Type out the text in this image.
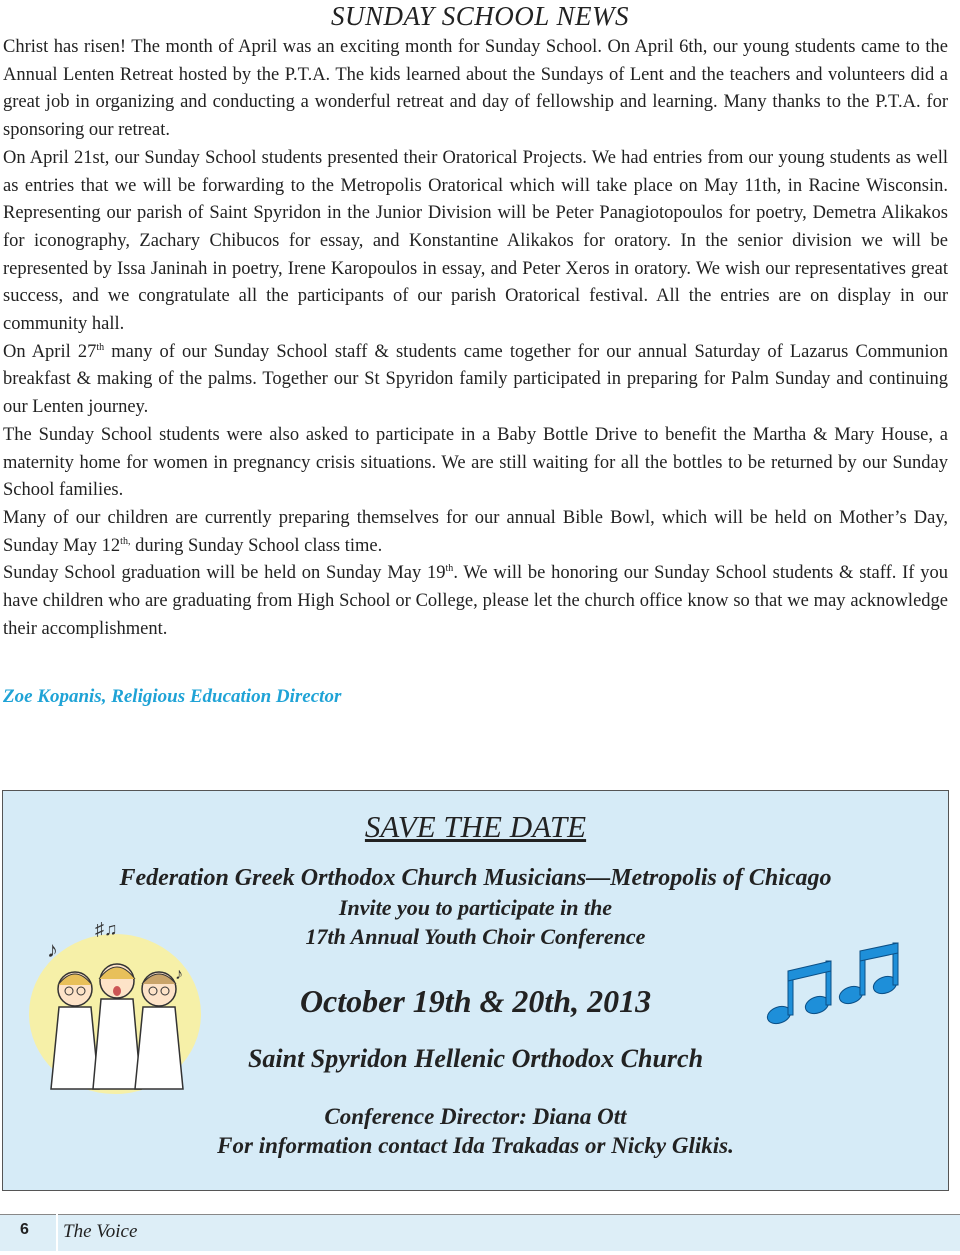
SUNDAY SCHOOL NEWS

Christ has risen! The month of April was an exciting month for Sunday School. On April 6th, our young students came to the Annual Lenten Retreat hosted by the P.T.A. The kids learned about the Sundays of Lent and the teachers and volunteers did a great job in organizing and conducting a wonderful retreat and day of fellowship and learning. Many thanks to the P.T.A. for sponsoring our retreat.

On April 21st, our Sunday School students presented their Oratorical Projects. We had entries from our young students as well as entries that we will be forwarding to the Metropolis Oratorical which will take place on May 11th, in Racine Wisconsin. Representing our parish of Saint Spyridon in the Junior Division will be Peter Panagiotopoulos for poetry, Demetra Alikakos for iconography, Zachary Chibucos for essay, and Konstantine Alikakos for oratory. In the senior division we will be represented by Issa Janinah in poetry, Irene Karopoulos in essay, and Peter Xeros in oratory. We wish our representatives great success, and we congratulate all the participants of our parish Oratorical festival. All the entries are on display in our community hall.

On April 27th many of our Sunday School staff & students came together for our annual Saturday of Lazarus Communion breakfast & making of the palms. Together our St Spyridon family participated in preparing for Palm Sunday and continuing our Lenten journey.

The Sunday School students were also asked to participate in a Baby Bottle Drive to benefit the Martha & Mary House, a maternity home for women in pregnancy crisis situations. We are still waiting for all the bottles to be returned by our Sunday School families.

Many of our children are currently preparing themselves for our annual Bible Bowl, which will be held on Mother’s Day, Sunday May $12^{th,}$ during Sunday School class time.

Sunday School graduation will be held on Sunday May 19th. We will be honoring our Sunday School students & staff. If you have children who are graduating from High School or College, please let the church office know so that we may acknowledge their accomplishment.

Zoe Kopanis, Religious Education Director
SAVE THE DATE
Federation Greek Orthodox Church Musicians—Metropolis of Chicago
Invite you to participate in the
17th Annual Youth Choir Conference
October 19th & 20th, 2013
Saint Spyridon Hellenic Orthodox Church
Conference Director: Diana Ott
For information contact Ida Trakadas or Nicky Glikis.
♪
♯♫
♪
6 The Voice
